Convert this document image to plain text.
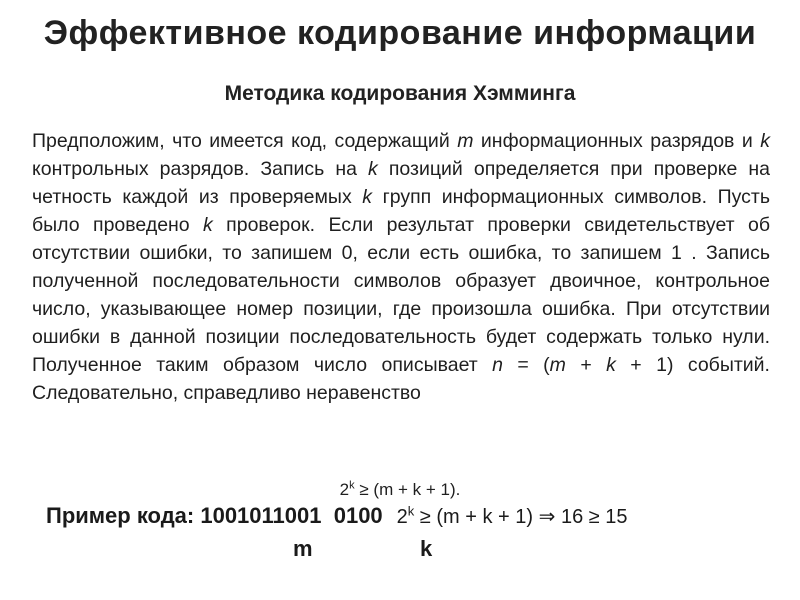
Эффективное кодирование информации
Методика кодирования Хэмминга

Предположим, что имеется код, содержащий m информационных разрядов и k контрольных разрядов. Запись на k позиций определяется при проверке на четность каждой из проверяемых k групп информационных символов. Пусть было проведено k проверок. Если результат проверки свидетельствует об отсутствии ошибки, то запишем 0, если есть ошибка, то запишем 1 . Запись полученной последовательности символов образует двоичное, контрольное число, указывающее номер позиции, где произошла ошибка. При отсутствии ошибки в данной позиции последовательность будет содержать только нули. Полученное таким образом число описывает n = (m + k + 1) событий. Следовательно, справедливо неравенство

$2^k \ge (m + k + 1)$.
Пример кода: 1001011001 0100 $2^k \ge (m + k + 1)$ ⇒ 16 ≥ 15
m	k
